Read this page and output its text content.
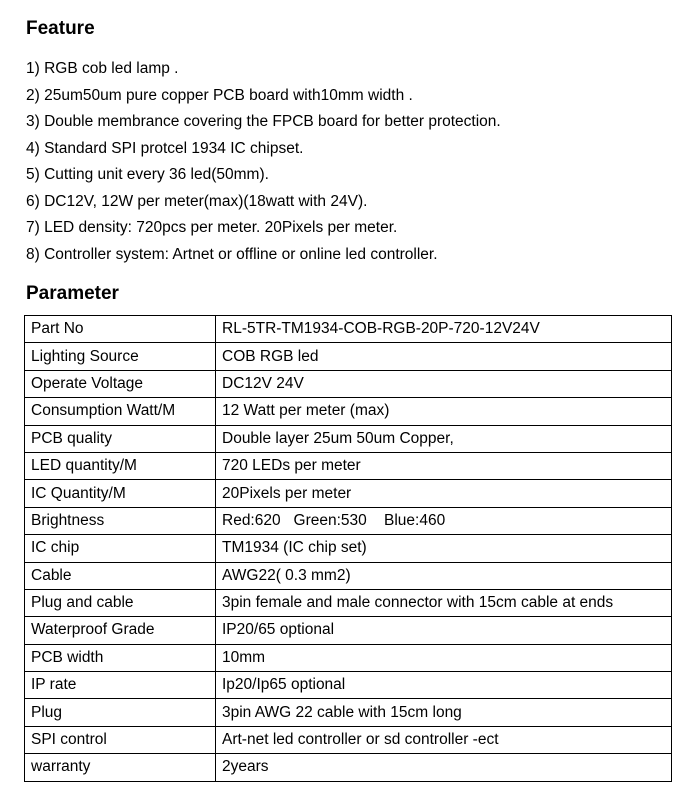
Feature
1) RGB cob led lamp .
2) 25um50um pure copper PCB board with10mm width .
3) Double membrance covering the FPCB board for better protection.
4) Standard SPI protcel 1934 IC chipset.
5) Cutting unit every 36 led(50mm).
6) DC12V, 12W per meter(max)(18watt with 24V).
7) LED density: 720pcs per meter. 20Pixels per meter.
8) Controller system: Artnet or offline or online led controller.
Parameter
Part No	RL-5TR-TM1934-COB-RGB-20P-720-12V24V
Lighting Source	COB RGB led
Operate Voltage	DC12V 24V
Consumption Watt/M	12 Watt per meter (max)
PCB quality	Double layer 25um 50um Copper,
LED quantity/M	720 LEDs per meter
IC Quantity/M	20Pixels per meter
Brightness	Red:620   Green:530    Blue:460
IC chip	TM1934 (IC chip set)
Cable	AWG22( 0.3 mm2)
Plug and cable	3pin female and male connector with 15cm cable at ends
Waterproof Grade	IP20/65 optional
PCB width	10mm
IP rate	Ip20/Ip65 optional
Plug	3pin AWG 22 cable with 15cm long
SPI control	Art-net led controller or sd controller -ect
warranty	2years
